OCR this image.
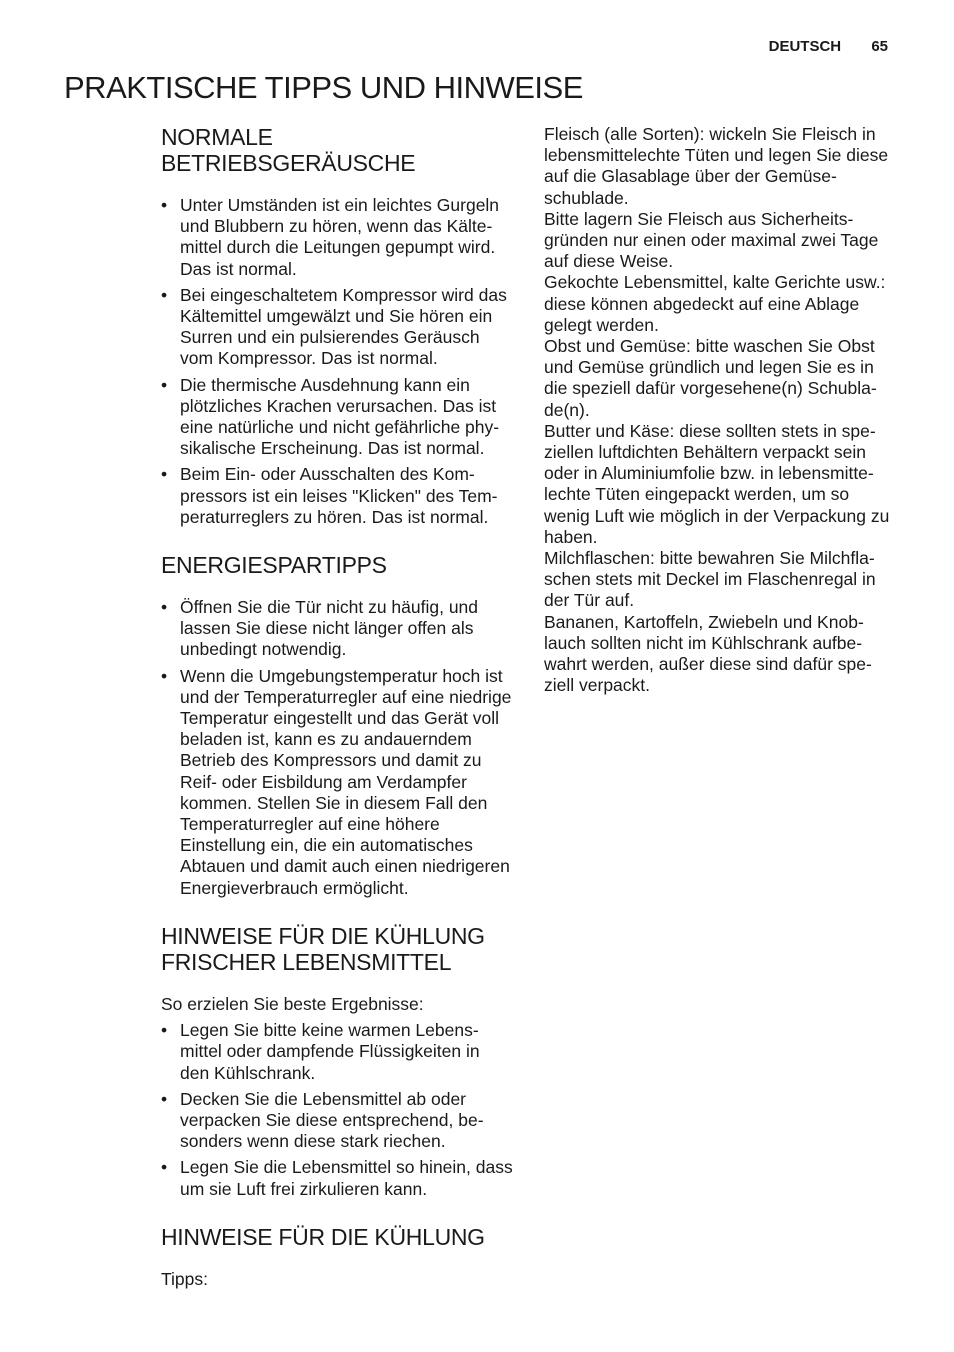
DEUTSCH 65
PRAKTISCHE TIPPS UND HINWEISE
NORMALE
BETRIEBSGERÄUSCHE
• Unter Umständen ist ein leichtes Gurgeln und Blubbern zu hören, wenn das Kältemittel durch die Leitungen gepumpt wird. Das ist normal.
• Bei eingeschaltetem Kompressor wird das Kältemittel umgewälzt und Sie hören ein Surren und ein pulsierendes Geräusch vom Kompressor. Das ist normal.
• Die thermische Ausdehnung kann ein plötzliches Krachen verursachen. Das ist eine natürliche und nicht gefährliche physikalische Erscheinung. Das ist normal.
• Beim Ein- oder Ausschalten des Kompressors ist ein leises "Klicken" des Temperaturreglers zu hören. Das ist normal.
ENERGIESPARTIPPS
• Öffnen Sie die Tür nicht zu häufig, und lassen Sie diese nicht länger offen als unbedingt notwendig.
• Wenn die Umgebungstemperatur hoch ist und der Temperaturregler auf eine niedrige Temperatur eingestellt und das Gerät voll beladen ist, kann es zu andauerndem Betrieb des Kompressors und damit zu Reif- oder Eisbildung am Verdampfer kommen. Stellen Sie in diesem Fall den Temperaturregler auf eine höhere Einstellung ein, die ein automatisches Abtauen und damit auch einen niedrigeren Energieverbrauch ermöglicht.
HINWEISE FÜR DIE KÜHLUNG
FRISCHER LEBENSMITTEL

So erzielen Sie beste Ergebnisse:

• Legen Sie bitte keine warmen Lebensmittel oder dampfende Flüssigkeiten in den Kühlschrank.
• Decken Sie die Lebensmittel ab oder verpacken Sie diese entsprechend, besonders wenn diese stark riechen.
• Legen Sie die Lebensmittel so hinein, dass um sie Luft frei zirkulieren kann.
HINWEISE FÜR DIE KÜHLUNG

Tipps:

Fleisch (alle Sorten): wickeln Sie Fleisch in lebensmittelechte Tüten und legen Sie diese auf die Glasablage über der Gemüseschublade.

Bitte lagern Sie Fleisch aus Sicherheitsgründen nur einen oder maximal zwei Tage auf diese Weise.

Gekochte Lebensmittel, kalte Gerichte usw.: diese können abgedeckt auf eine Ablage gelegt werden.

Obst und Gemüse: bitte waschen Sie Obst und Gemüse gründlich und legen Sie es in die speziell dafür vorgesehene(n) Schublade(n).

Butter und Käse: diese sollten stets in speziellen luftdichten Behältern verpackt sein oder in Aluminiumfolie bzw. in lebensmittelechte Tüten eingepackt werden, um so wenig Luft wie möglich in der Verpackung zu haben.

Milchflaschen: bitte bewahren Sie Milchflaschen stets mit Deckel im Flaschenregal in der Tür auf.

Bananen, Kartoffeln, Zwiebeln und Knoblauch sollten nicht im Kühlschrank aufbewahrt werden, außer diese sind dafür speziell verpackt.
